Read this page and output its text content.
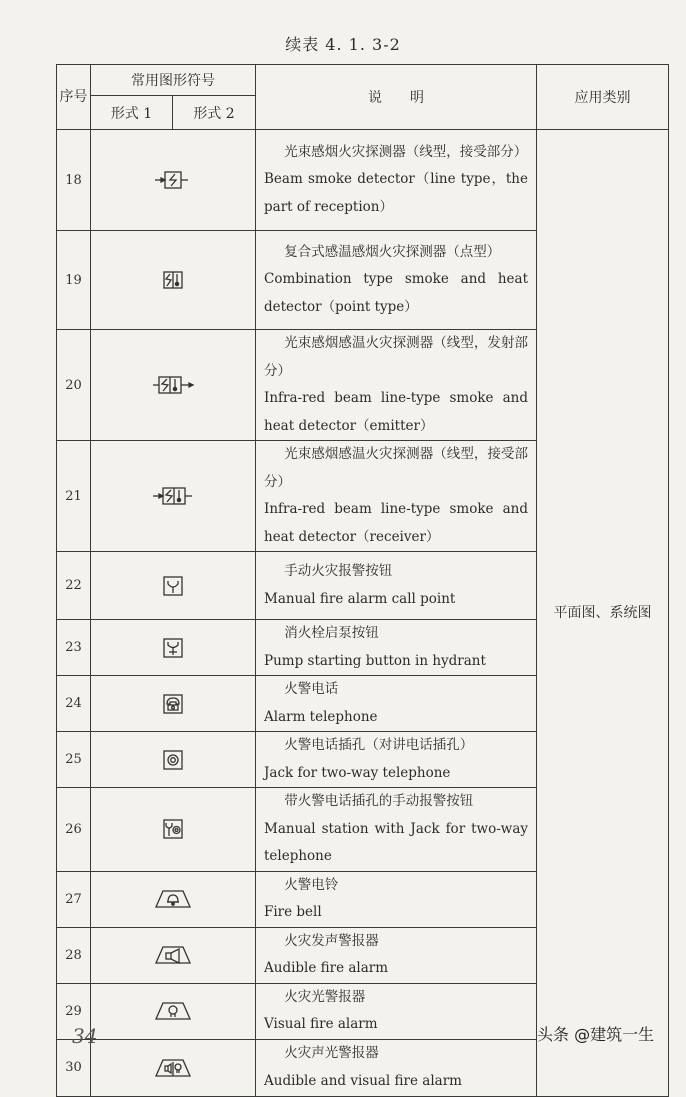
续表 4. 1. 3-2
序号	常用图形符号		说　　明	应用类别
	形式 1	形式 2		
18			光束感烟火灾探测器（线型，接受部分）
Beam smoke detector（line type，the part of reception）	平面图、系统图
19			复合式感温感烟火灾探测器（点型）
Combination type smoke and heat detector（point type）	
20			光束感烟感温火灾探测器（线型，发射部分）
Infra-red beam line-type smoke and heat detector（emitter）	
21			光束感烟感温火灾探测器（线型，接受部分）
Infra-red beam line-type smoke and heat detector（receiver）	
22			手动火灾报警按钮
Manual fire alarm call point	
23			消火栓启泵按钮
Pump starting button in hydrant	
24			火警电话
Alarm telephone	
25			火警电话插孔（对讲电话插孔）
Jack for two-way telephone	
26			带火警电话插孔的手动报警按钮
Manual station with Jack for two-way telephone	
27			火警电铃
Fire bell	
28			火灾发声警报器
Audible fire alarm	
29			火灾光警报器
Visual fire alarm	
30			火灾声光警报器
Audible and visual fire alarm	
34	头条 @建筑一生
